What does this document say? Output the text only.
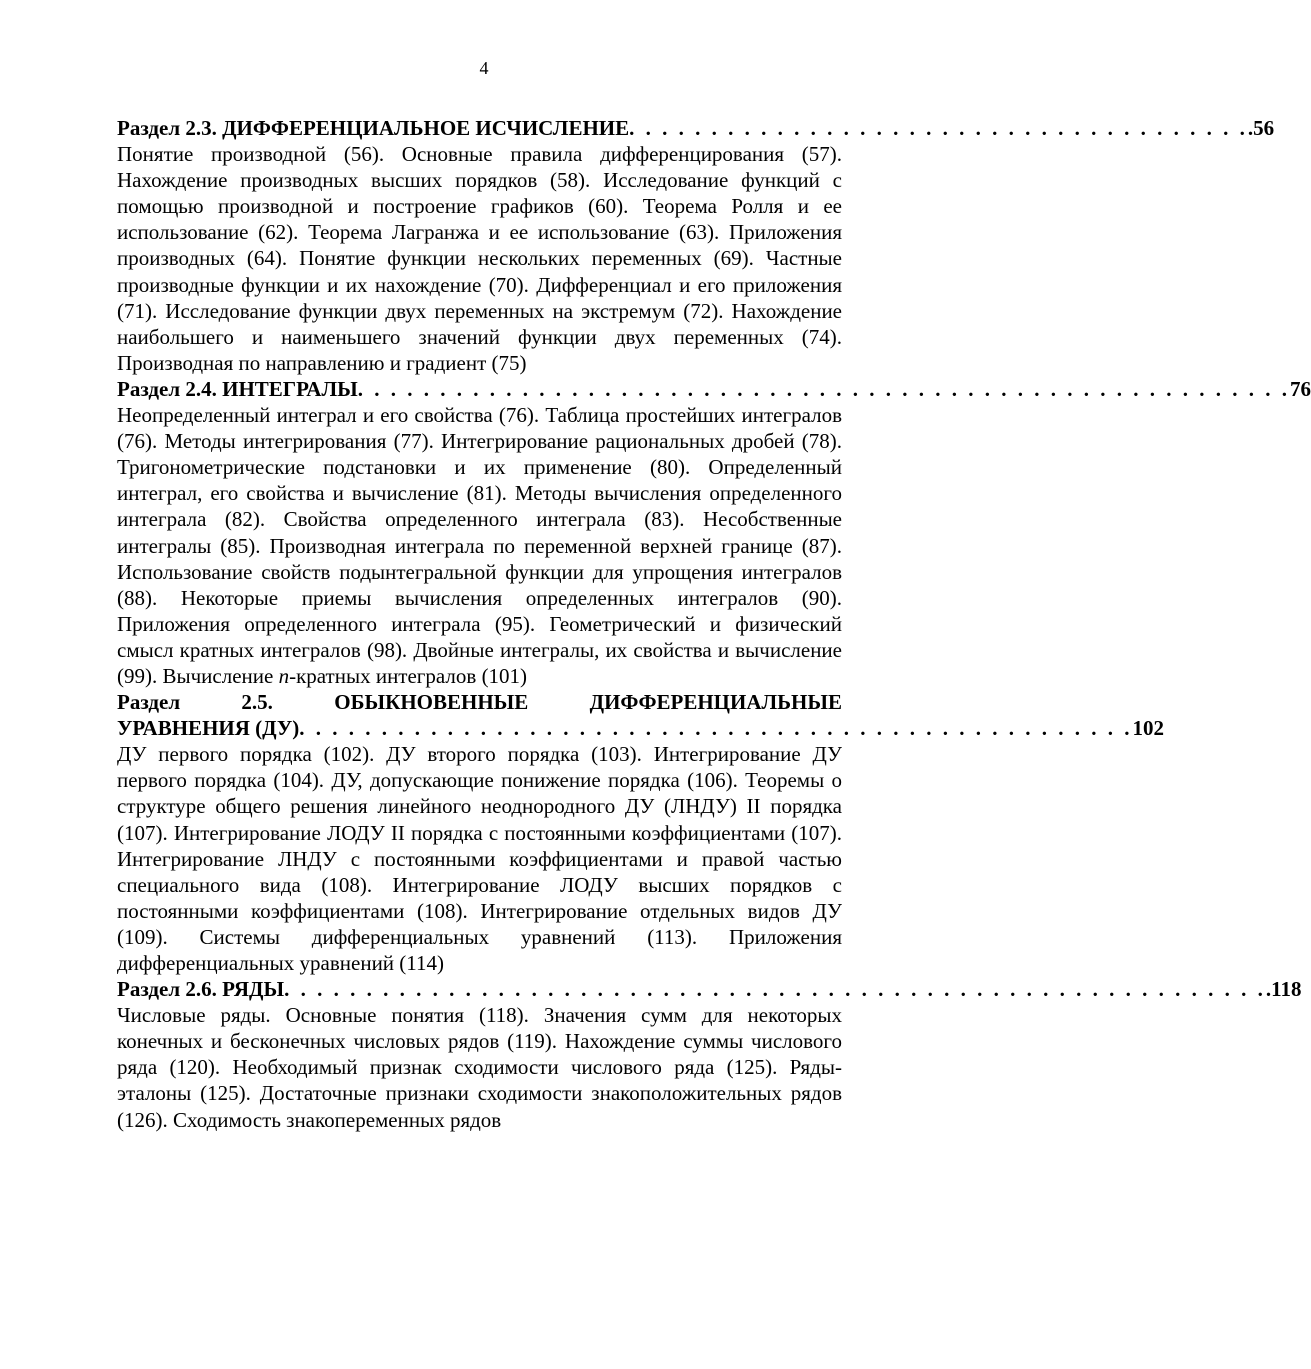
4
Раздел 2.3. ДИФФЕРЕНЦИАЛЬНОЕ ИСЧИСЛЕНИЕ . . . . . . . . . . . . . . . . . . . . . . . . . . . . . . . . . . . . . . .56
Понятие производной (56). Основные правила дифференцирования (57). Нахождение производных высших порядков (58). Исследование функций с помощью производной и построение графиков (60). Теорема Ролля и ее использование (62). Теорема Лагранжа и ее использование (63). Приложения производных (64). Понятие функции нескольких переменных (69). Частные производные функции и их нахождение (70). Дифференциал и его приложения (71). Исследование функции двух переменных на экстремум (72). Нахождение наибольшего и наименьшего значений функции двух переменных (74). Производная по направлению и градиент (75)
Раздел 2.4. ИНТЕГРАЛЫ . . . . . . . . . . . . . . . . . . . . . . . . . . . . . . . . . . . . . . . . . . . . . . . . . . . . . . . . . 76
Неопределенный интеграл и его свойства (76). Таблица простейших интегралов (76). Методы интегрирования (77). Интегрирование рациональных дробей (78). Тригонометрические подстановки и их применение (80). Определенный интеграл, его свойства и вычисление (81). Методы вычисления определенного интеграла (82). Свойства определенного интеграла (83). Несобственные интегралы (85). Производная интеграла по переменной верхней границе (87). Использование свойств подынтегральной функции для упрощения интегралов (88). Некоторые приемы вычисления определенных интегралов (90). Приложения определенного интеграла (95). Геометрический и физический смысл кратных интегралов (98). Двойные интегралы, их свойства и вычисление (99). Вычисление n-кратных интегралов (101)
Раздел 2.5. ОБЫКНОВЕННЫЕ ДИФФЕРЕНЦИАЛЬНЫЕ
УРАВНЕНИЯ (ДУ) . . . . . . . . . . . . . . . . . . . . . . . . . . . . . . . . . . . . . . . . . . . . . . . . . . . 102
ДУ первого порядка (102). ДУ второго порядка (103). Интегрирование ДУ первого порядка (104). ДУ, допускающие понижение порядка (106). Теоремы о структуре общего решения линейного неоднородного ДУ (ЛНДУ) II порядка (107). Интегрирование ЛОДУ II порядка с постоянными коэффициентами (107). Интегрирование ЛНДУ с постоянными коэффициентами и правой частью специального вида (108). Интегрирование ЛОДУ высших порядков с постоянными коэффициентами (108). Интегрирование отдельных видов ДУ (109). Системы дифференциальных уравнений (113). Приложения дифференциальных уравнений (114)
Раздел 2.6. РЯДЫ . . . . . . . . . . . . . . . . . . . . . . . . . . . . . . . . . . . . . . . . . . . . . . . . . . . . . . . . . . . . .118
Числовые ряды. Основные понятия (118). Значения сумм для некоторых конечных и бесконечных числовых рядов (119). Нахождение суммы числового ряда (120). Необходимый признак сходимости числового ряда (125). Ряды-эталоны (125). Достаточные признаки сходимости знакоположительных рядов (126). Сходимость знакопеременных рядов
